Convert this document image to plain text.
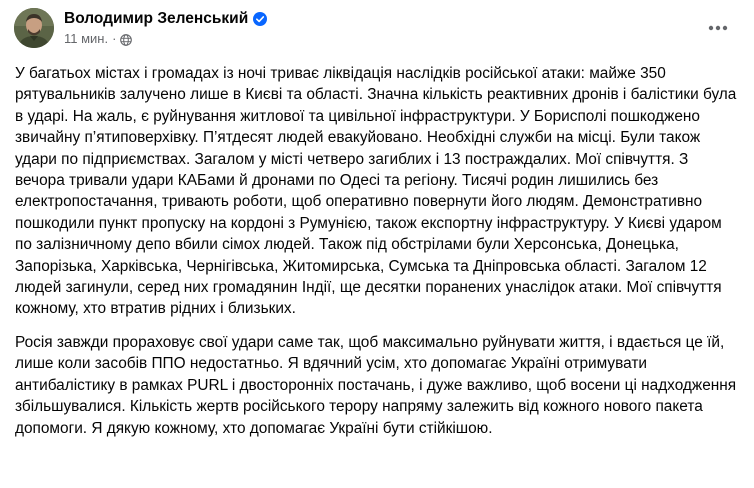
Володимир Зеленський
11 мин. ·

У багатьох містах і громадах із ночі триває ліквідація наслідків російської атаки: майже 350 рятувальників залучено лише в Києві та області. Значна кількість реактивних дронів і балістики була в ударі. На жаль, є руйнування житлової та цивільної інфраструктури. У Борисполі пошкоджено звичайну п’ятиповерхівку. П’ятдесят людей евакуйовано. Необхідні служби на місці. Були також удари по підприємствах. Загалом у місті четверо загиблих і 13 постраждалих. Мої співчуття. З вечора тривали удари КАБами й дронами по Одесі та регіону. Тисячі родин лишились без електропостачання, тривають роботи, щоб оперативно повернути його людям. Демонстративно пошкодили пункт пропуску на кордоні з Румунією, також експортну інфраструктуру. У Києві ударом по залізничному депо вбили сімох людей. Також під обстрілами були Херсонська, Донецька, Запорізька, Харківська, Чернігівська, Житомирська, Сумська та Дніпровська області. Загалом 12 людей загинули, серед них громадянин Індії, ще десятки поранених унаслідок атаки. Мої співчуття кожному, хто втратив рідних і близьких.

Росія завжди прораховує свої удари саме так, щоб максимально руйнувати життя, і вдається це їй, лише коли засобів ППО недостатньо. Я вдячний усім, хто допомагає Україні отримувати антибалістику в рамках PURL і двосторонніх постачань, і дуже важливо, щоб восени ці надходження збільшувалися. Кількість жертв російського терору напряму залежить від кожного нового пакета допомоги. Я дякую кожному, хто допомагає Україні бути стійкішою.
